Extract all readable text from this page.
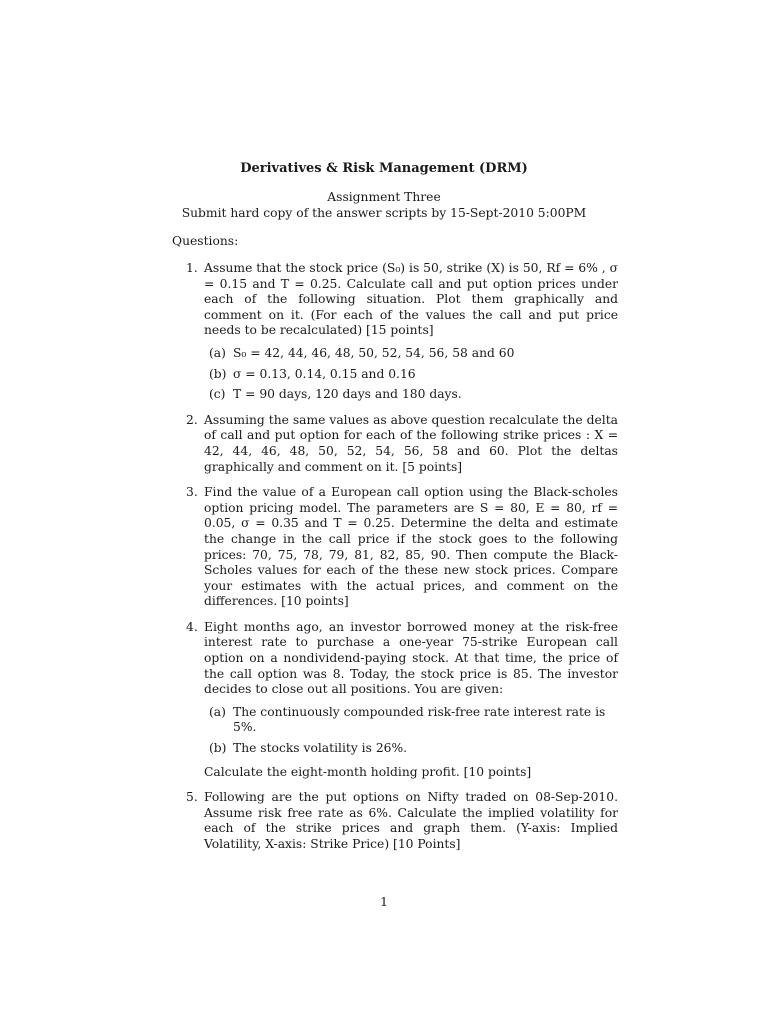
Derivatives & Risk Management (DRM)
Assignment Three
Submit hard copy of the answer scripts by 15-Sept-2010 5:00PM
Questions:
1. Assume that the stock price (S₀) is 50, strike (X) is 50, Rf = 6% , σ = 0.15 and T = 0.25. Calculate call and put option prices under each of the following situation. Plot them graphically and comment on it. (For each of the values the call and put price needs to be recalculated) [15 points]
(a) S₀ = 42, 44, 46, 48, 50, 52, 54, 56, 58 and 60
(b) σ = 0.13, 0.14, 0.15 and 0.16
(c) T = 90 days, 120 days and 180 days.
2. Assuming the same values as above question recalculate the delta of call and put option for each of the following strike prices : X = 42, 44, 46, 48, 50, 52, 54, 56, 58 and 60. Plot the deltas graphically and comment on it. [5 points]
3. Find the value of a European call option using the Black-scholes option pricing model. The parameters are S = 80, E = 80, rf = 0.05, σ = 0.35 and T = 0.25. Determine the delta and estimate the change in the call price if the stock goes to the following prices: 70, 75, 78, 79, 81, 82, 85, 90. Then compute the Black-Scholes values for each of the these new stock prices. Compare your estimates with the actual prices, and comment on the differences. [10 points]
4. Eight months ago, an investor borrowed money at the risk-free interest rate to purchase a one-year 75-strike European call option on a nondividend-paying stock. At that time, the price of the call option was 8. Today, the stock price is 85. The investor decides to close out all positions. You are given:
(a) The continuously compounded risk-free rate interest rate is 5%.
(b) The stocks volatility is 26%.
Calculate the eight-month holding profit. [10 points]
5. Following are the put options on Nifty traded on 08-Sep-2010. Assume risk free rate as 6%. Calculate the implied volatility for each of the strike prices and graph them. (Y-axis: Implied Volatility, X-axis: Strike Price) [10 Points]
1
